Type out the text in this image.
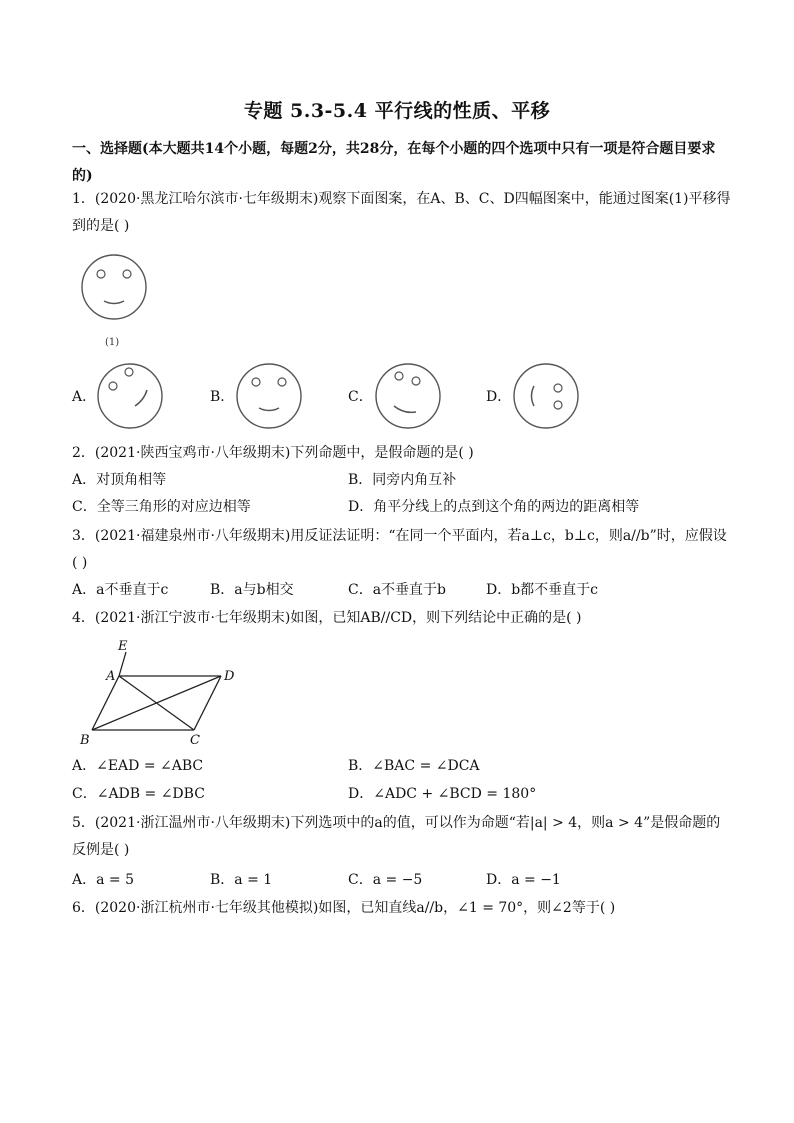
专题 5.3-5.4 平行线的性质、平移
一、选择题(本大题共14个小题，每题2分，共28分，在每个小题的四个选项中只有一项是符合题目要求的)
1．(2020·黑龙江哈尔滨市·七年级期末)观察下面图案，在A、B、C、D四幅图案中，能通过图案(1)平移得到的是( )
(1)
A．	B．	C．	D．
2．(2021·陕西宝鸡市·八年级期末)下列命题中，是假命题的是( )
A．对顶角相等	B．同旁内角互补
C．全等三角形的对应边相等	D．角平分线上的点到这个角的两边的距离相等
3．(2021·福建泉州市·八年级期末)用反证法证明：“在同一个平面内，若a⊥c，b⊥c，则a//b”时，应假设( )
A．a不垂直于c	B．a与b相交	C．a不垂直于b	D．b都不垂直于c
4．(2021·浙江宁波市·七年级期末)如图，已知AB//CD，则下列结论中正确的是( )
E
A	D
B	C
A．∠EAD = ∠ABC	B．∠BAC = ∠DCA
C．∠ADB = ∠DBC	D．∠ADC + ∠BCD = 180°
5．(2021·浙江温州市·八年级期末)下列选项中的a的值，可以作为命题“若|a| > 4，则a > 4”是假命题的反例是( )
A．a = 5	B．a = 1	C．a = −5	D．a = −1
6．(2020·浙江杭州市·七年级其他模拟)如图，已知直线a//b，∠1 = 70°，则∠2等于( )
